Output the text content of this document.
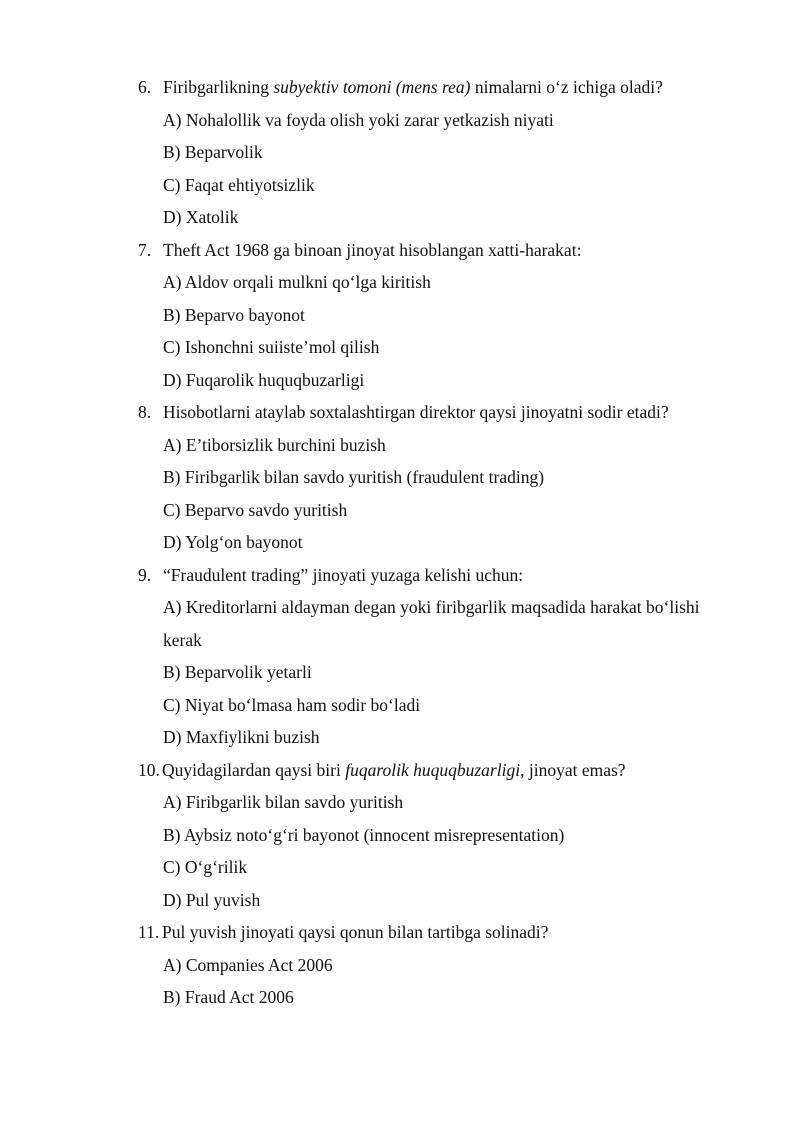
6. Firibgarlikning subyektiv tomoni (mens rea) nimalarni o‘z ichiga oladi?
A) Nohalollik va foyda olish yoki zarar yetkazish niyati
B) Beparvolik
C) Faqat ehtiyotsizlik
D) Xatolik
7. Theft Act 1968 ga binoan jinoyat hisoblangan xatti-harakat:
A) Aldov orqali mulkni qo‘lga kiritish
B) Beparvo bayonot
C) Ishonchni suiiste’mol qilish
D) Fuqarolik huquqbuzarligi
8. Hisobotlarni ataylab soxtalashtirgan direktor qaysi jinoyatni sodir etadi?
A) E’tiborsizlik burchini buzish
B) Firibgarlik bilan savdo yuritish (fraudulent trading)
C) Beparvo savdo yuritish
D) Yolg‘on bayonot
9. “Fraudulent trading” jinoyati yuzaga kelishi uchun:
A) Kreditorlarni aldayman degan yoki firibgarlik maqsadida harakat bo‘lishi
kerak
B) Beparvolik yetarli
C) Niyat bo‘lmasa ham sodir bo‘ladi
D) Maxfiylikni buzish
10. Quyidagilardan qaysi biri fuqarolik huquqbuzarligi, jinoyat emas?
A) Firibgarlik bilan savdo yuritish
B) Aybsiz noto‘g‘ri bayonot (innocent misrepresentation)
C) O‘g‘rilik
D) Pul yuvish
11. Pul yuvish jinoyati qaysi qonun bilan tartibga solinadi?
A) Companies Act 2006
B) Fraud Act 2006
